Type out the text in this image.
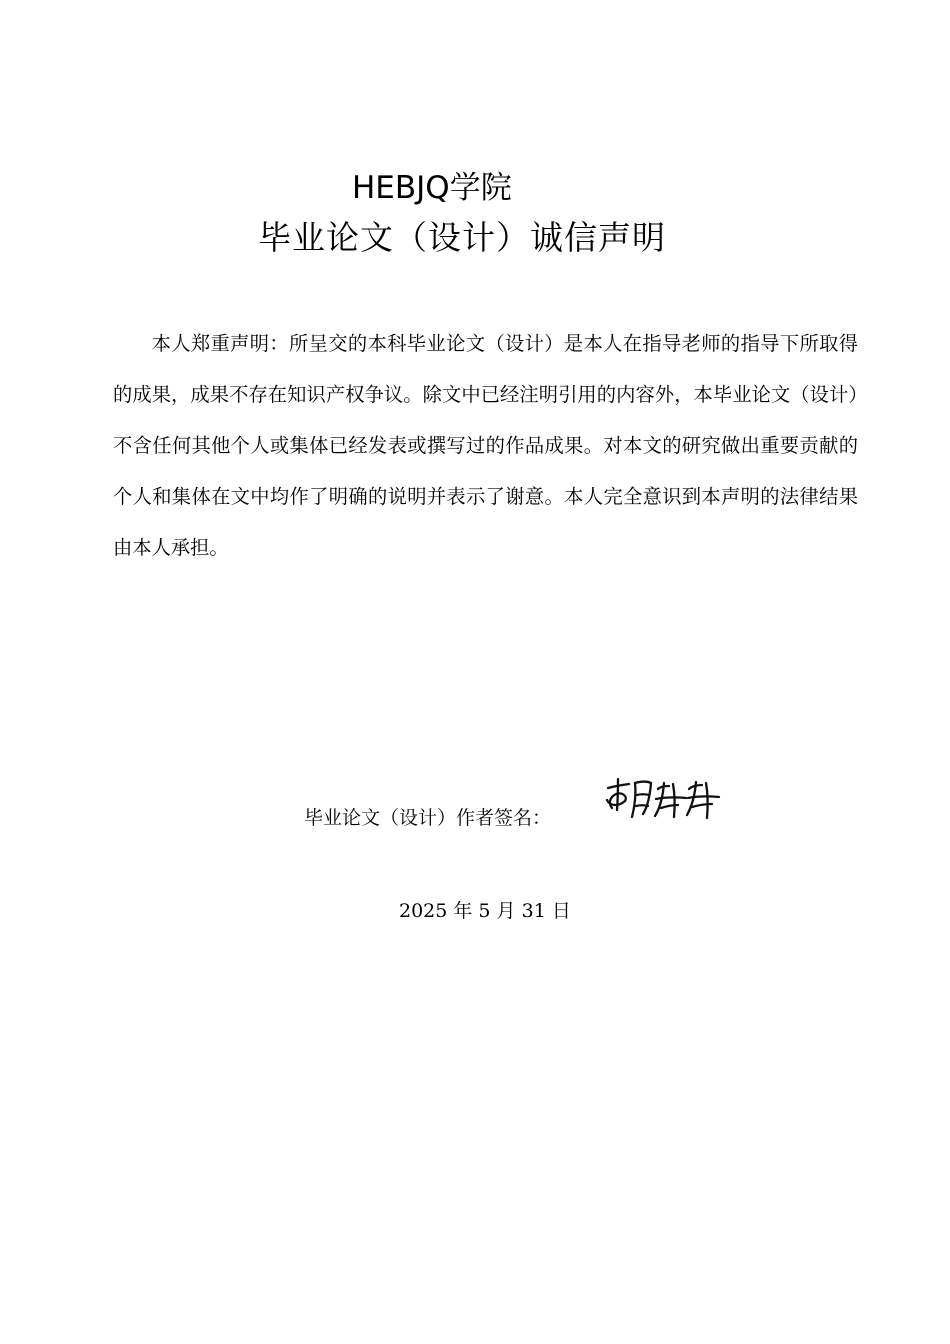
HEBJQ学院
毕业论文（设计）诚信声明

本人郑重声明：所呈交的本科毕业论文（设计）是本人在指导老师的指导下所取得的成果，成果不存在知识产权争议。除文中已经注明引用的内容外，本毕业论文（设计）不含任何其他个人或集体已经发表或撰写过的作品成果。对本文的研究做出重要贡献的个人和集体在文中均作了明确的说明并表示了谢意。本人完全意识到本声明的法律结果由本人承担。

毕业论文（设计）作者签名：
2025 年 5 月 31 日
